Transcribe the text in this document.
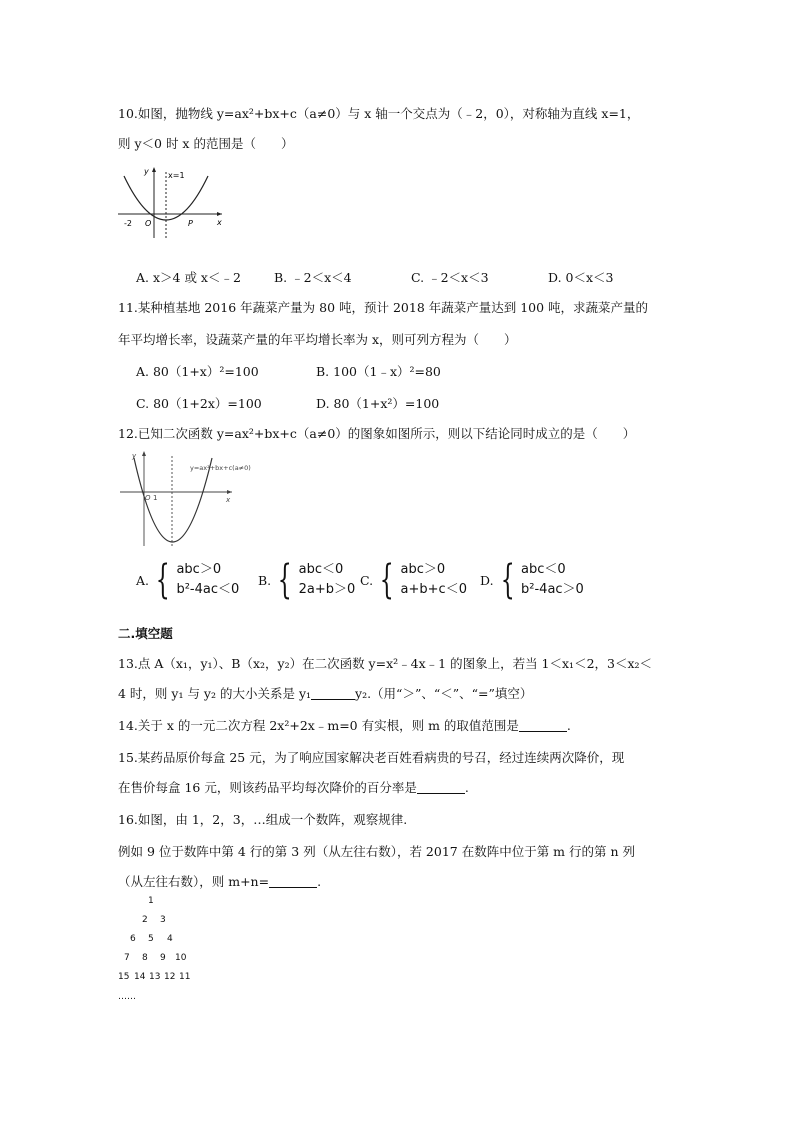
10.如图，抛物线 y=ax²+bx+c（a≠0）与 x 轴一个交点为（﹣2，0），对称轴为直线 x=1，
则 y＜0 时 x 的范围是（　　）
y
x
x=1
-2 O	P
A. x＞4 或 x＜﹣2	B. ﹣2＜x＜4	C. ﹣2＜x＜3	D. 0＜x＜3
11.某种植基地 2016 年蔬菜产量为 80 吨，预计 2018 年蔬菜产量达到 100 吨，求蔬菜产量的
年平均增长率，设蔬菜产量的年平均增长率为 x，则可列方程为（　　）
A. 80（1+x）²=100	B. 100（1﹣x）²=80
C. 80（1+2x）=100	D. 80（1+x²）=100
12.已知二次函数 y=ax²+bx+c（a≠0）的图象如图所示，则以下结论同时成立的是（　　）
y
x
y=ax²+bx+c(a≠0)
O 1
A. { abc＞0
b²-4ac＜0
B. { abc＜0
2a+b＞0
C. { abc＞0
a+b+c＜0
D. { abc＜0
b²-4ac＞0
二.填空题
13.点 A（x₁，y₁）、B（x₂，y₂）在二次函数 y=x²﹣4x﹣1 的图象上，若当 1＜x₁＜2，3＜x₂＜
4 时，则 y₁ 与 y₂ 的大小关系是 y₁	y₂.（用“＞”、“＜”、“=”填空）
14.关于 x 的一元二次方程 2x²+2x﹣m=0 有实根，则 m 的取值范围是	.
15.某药品原价每盒 25 元，为了响应国家解决老百姓看病贵的号召，经过连续两次降价，现
在售价每盒 16 元，则该药品平均每次降价的百分率是	.
16.如图，由 1，2，3，…组成一个数阵，观察规律.
例如 9 位于数阵中第 4 行的第 3 列（从左往右数），若 2017 在数阵中位于第 m 行的第 n 列
（从左往右数），则 m+n=	.
1
2 3
6 5 4
7 8 9 10
15 14 13 12 11
……
